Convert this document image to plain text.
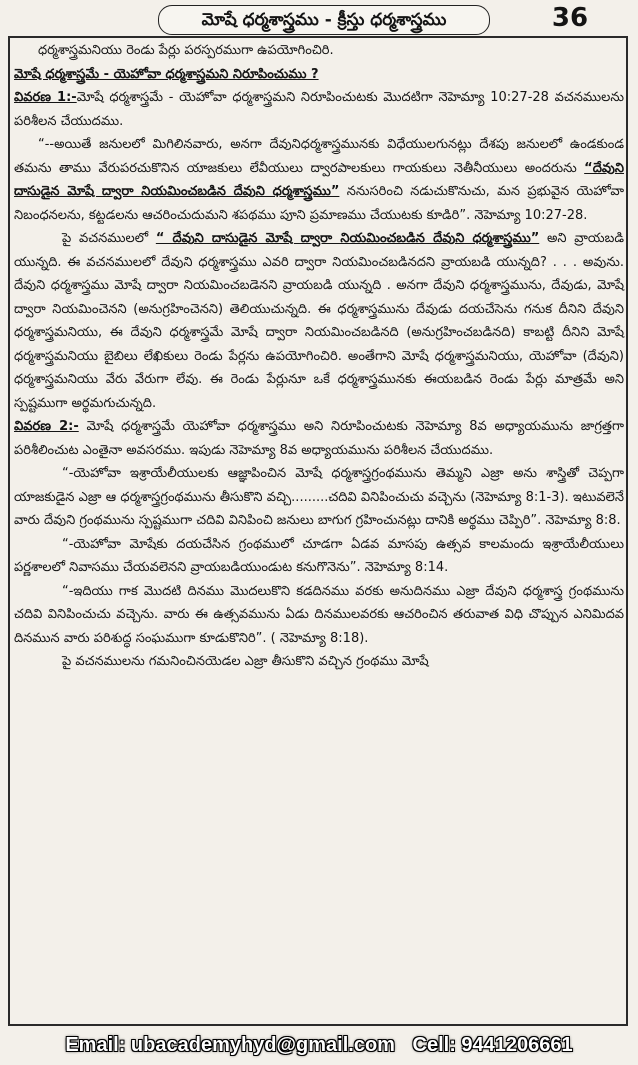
మోషే ధర్మశాస్త్రము - క్రీస్తు ధర్మశాస్త్రము	36

ధర్మశాస్త్రమనియు రెండు పేర్లు పరస్పరముగా ఉపయోగించిరి.

మోషే ధర్మశాస్త్రమే - యెహోవా ధర్మశాస్త్రమని నిరూపించుము ?

వివరణ 1:-మోషే ధర్మశాస్త్రమే - యెహోవా ధర్మశాస్త్రమని నిరూపించుటకు మొదటిగా నెహెమ్యా 10:27-28 వచనములను పరిశీలన చేయుదము.

“--అయితే జనులలో మిగిలినవారు, అనగా దేవునిధర్మశాస్త్రమునకు విధేయులగునట్లు దేశపు జనులలో ఉండకుండ తమను తాము వేరుపరచుకొనిన యాజకులు లేవీయులు ద్వారపాలకులు గాయకులు నెతీనీయులు అందరును “దేవుని దాసుడైన మోషే ద్వారా నియమించబడిన దేవుని ధర్మశాస్త్రము” ననుసరించి నడుచుకొనుచు, మన ప్రభువైన యెహోవా నిబంధనలను, కట్టడలను ఆచరించుదుమని శపథము పూని ప్రమాణము చేయుటకు కూడిరి”. నెహెమ్యా 10:27-28.

పై వచనములలో “ దేవుని దాసుడైన మోషే ద్వారా నియమించబడిన దేవుని ధర్మశాస్త్రము” అని వ్రాయబడి యున్నది. ఈ వచనములలో దేవుని ధర్మశాస్త్రము ఎవరి ద్వారా నియమించబడినదని వ్రాయబడి యున్నది? . . . అవును. దేవుని ధర్మశాస్త్రము మోషే ద్వారా నియమించబడెనని వ్రాయబడి యున్నది . అనగా దేవుని ధర్మశాస్త్రమును, దేవుడు, మోషే ద్వారా నియమించెనని (అనుగ్రహించెనని) తెలియుచున్నది. ఈ ధర్మశాస్త్రమును దేవుడు దయచేసెను గనుక దీనిని దేవుని ధర్మశాస్త్రమనియు, ఈ దేవుని ధర్మశాస్త్రమే మోషే ద్వారా నియమించబడినది (అనుగ్రహించబడినది) కాబట్టి దీనిని మోషే ధర్మశాస్త్రమనియు బైబిలు లేఖికులు రెండు పేర్లను ఉపయోగించిరి. అంతేగాని మోషే ధర్మశాస్త్రమనియు, యెహోవా (దేవుని) ధర్మశాస్త్రమనియు వేరు వేరుగా లేవు. ఈ రెండు పేర్లునూ ఒకే ధర్మశాస్త్రమునకు ఈయబడిన రెండు పేర్లు మాత్రమే అని స్పష్టముగా అర్థమగుచున్నది.

వివరణ 2:- మోషే ధర్మశాస్త్రమే యెహోవా ధర్మశాస్త్రము అని నిరూపించుటకు నెహెమ్యా 8వ అధ్యాయమును జాగ్రత్తగా పరిశీలించుట ఎంతైనా అవసరము. ఇపుడు నెహెమ్యా 8వ అధ్యాయమును పరిశీలన చేయుదము.

“-యెహోవా ఇశ్రాయేలీయులకు ఆజ్ఞాపించిన మోషే ధర్మశాస్త్రగ్రంథమును తెమ్మని ఎజ్రా అను శాస్త్రితో చెప్పగా యాజకుడైన ఎజ్రా ఆ ధర్మశాస్త్రగ్రంథమును తీసుకొని వచ్చి.........చదివి వినిపించుచు వచ్చెను (నెహెమ్యా 8:1-3). ఇటువలెనే వారు దేవుని గ్రంథమును స్పష్టముగా చదివి వినిపించి జనులు బాగుగ గ్రహించునట్లు దానికి అర్థము చెప్పిరి”. నెహెమ్యా 8:8.

“-యెహోవా మోషేకు దయచేసిన గ్రంథములో చూడగా ఏడవ మాసపు ఉత్సవ కాలమందు ఇశ్రాయేలీయులు పర్ణశాలలో నివాసము చేయవలెనని వ్రాయబడియుండుట కనుగొనెను”. నెహెమ్యా 8:14.

“-ఇదియు గాక మొదటి దినము మొదలుకొని కడదినము వరకు అనుదినము ఎజ్రా దేవుని ధర్మశాస్త్ర గ్రంథమును చదివి వినిపించుచు వచ్చెను. వారు ఈ ఉత్సవమును ఏడు దినములవరకు ఆచరించిన తరువాత విధి చొప్పున ఎనిమిదవ దినమున వారు పరిశుద్ధ సంఘముగా కూడుకొనిరి”. ( నెహెమ్యా 8:18).

పై వచనములను గమనించినయెడల ఎజ్రా తీసుకొని వచ్చిన గ్రంథము మోషే

Email: ubacademyhyd@gmail.com Cell: 9441206661
